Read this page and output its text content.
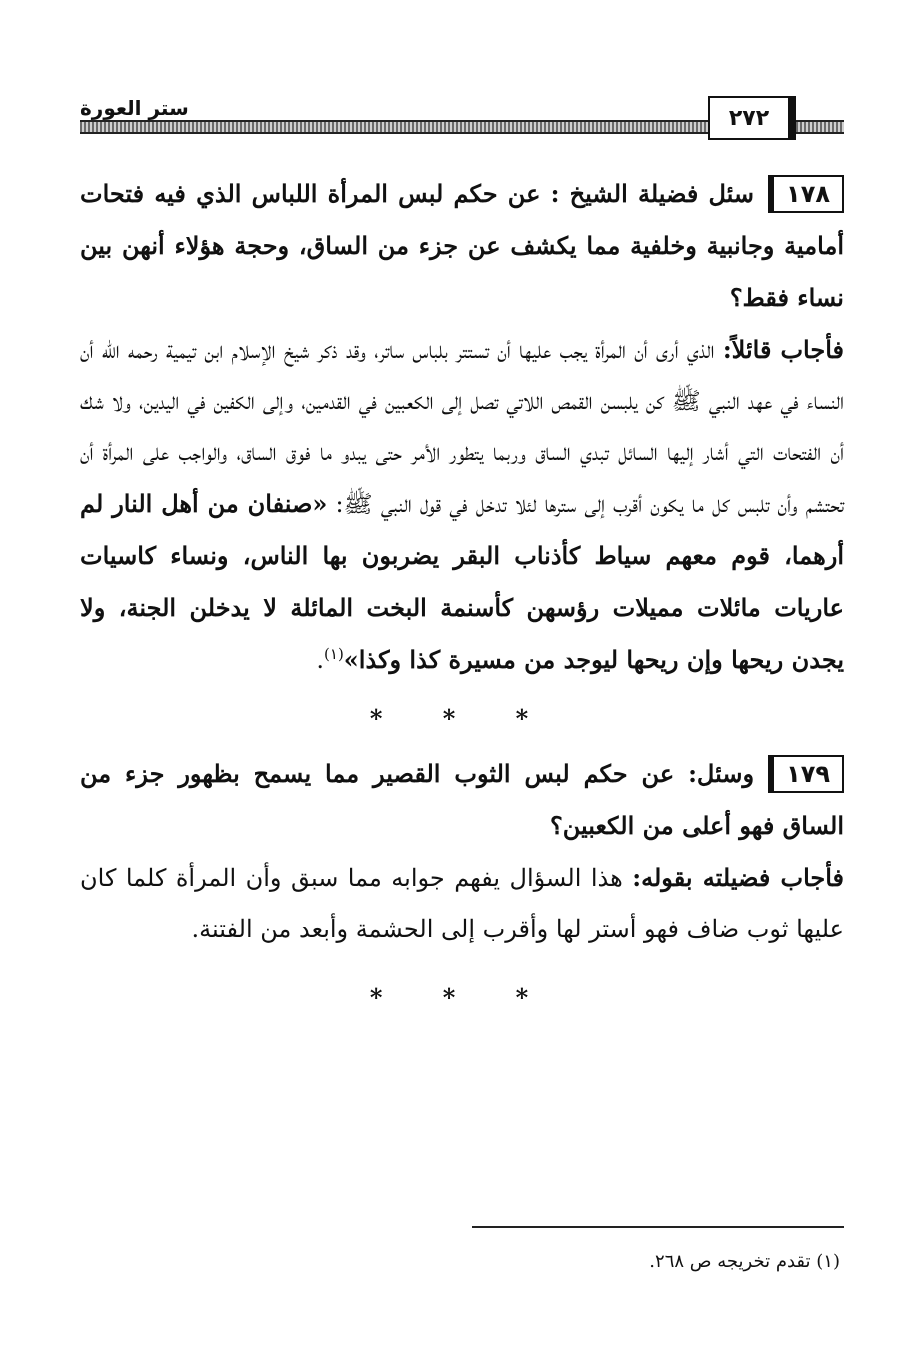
ستر العورة	٢٧٢

١٧٨سئل فضيلة الشيخ : عن حكم لبس المرأة اللباس الذي فيه فتحات أمامية وجانبية وخلفية مما يكشف عن جزء من الساق، وحجة هؤلاء أنهن بين نساء فقط؟

فأجاب قائلاً: الذي أرى أن المرأة يجب عليها أن تستتر بلباس ساتر، وقد ذكر شيخ الإسلام ابن تيمية رحمه الله أن النساء في عهد النبي ﷺ كن يلبسن القمص اللاتي تصل إلى الكعبين في القدمين، وإلى الكفين في اليدين، ولا شك أن الفتحات التي أشار إليها السائل تبدي الساق وربما يتطور الأمر حتى يبدو ما فوق الساق، والواجب على المرأة أن تحتشم وأن تلبس كل ما يكون أقرب إلى سترها لئلا تدخل في قول النبي ﷺ: «صنفان من أهل النار لم أرهما، قوم معهم سياط كأذناب البقر يضربون بها الناس، ونساء كاسيات عاريات مائلات مميلات رؤسهن كأسنمة البخت المائلة لا يدخلن الجنة، ولا يجدن ريحها وإن ريحها ليوجد من مسيرة كذا وكذا»$^{(١)}$.

* * *

١٧٩وسئل: عن حكم لبس الثوب القصير مما يسمح بظهور جزء من الساق فهو أعلى من الكعبين؟

فأجاب فضيلته بقوله: هذا السؤال يفهم جوابه مما سبق وأن المرأة كلما كان عليها ثوب ضاف فهو أستر لها وأقرب إلى الحشمة وأبعد من الفتنة.

* * *
(١) تقدم تخريجه ص ٢٦٨.
